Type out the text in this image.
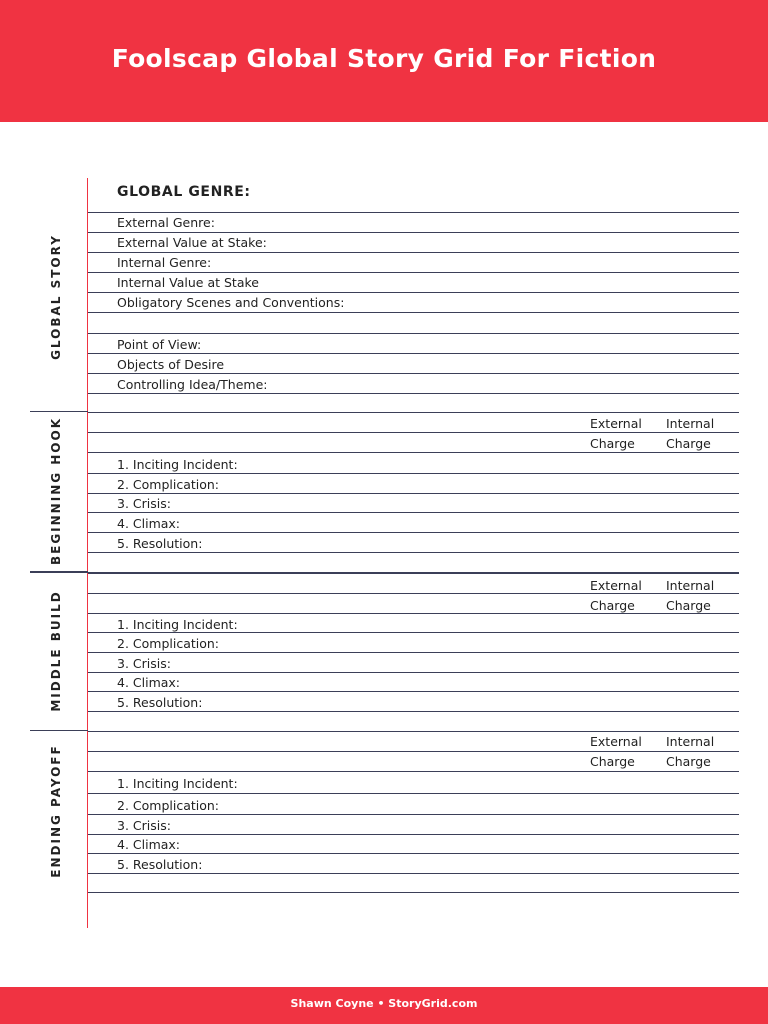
Foolscap Global Story Grid For Fiction
GLOBAL STORY
GLOBAL GENRE:
External Genre:
External Value at Stake:
Internal Genre:
Internal Value at Stake
Obligatory Scenes and Conventions:
Point of View:
Objects of Desire
Controlling Idea/Theme:
BEGINNING HOOK	External Internal
Charge Charge
1. Inciting Incident:
2. Complication:
3. Crisis:
4. Climax:
5. Resolution:
MIDDLE BUILD
External Internal
Charge Charge
1. Inciting Incident:
2. Complication:
3. Crisis:
4. Climax:
5. Resolution:
ENDING PAYOFF
External Internal
Charge Charge
1. Inciting Incident:
2. Complication:
3. Crisis:
4. Climax:
5. Resolution:
Shawn Coyne • StoryGrid.com
